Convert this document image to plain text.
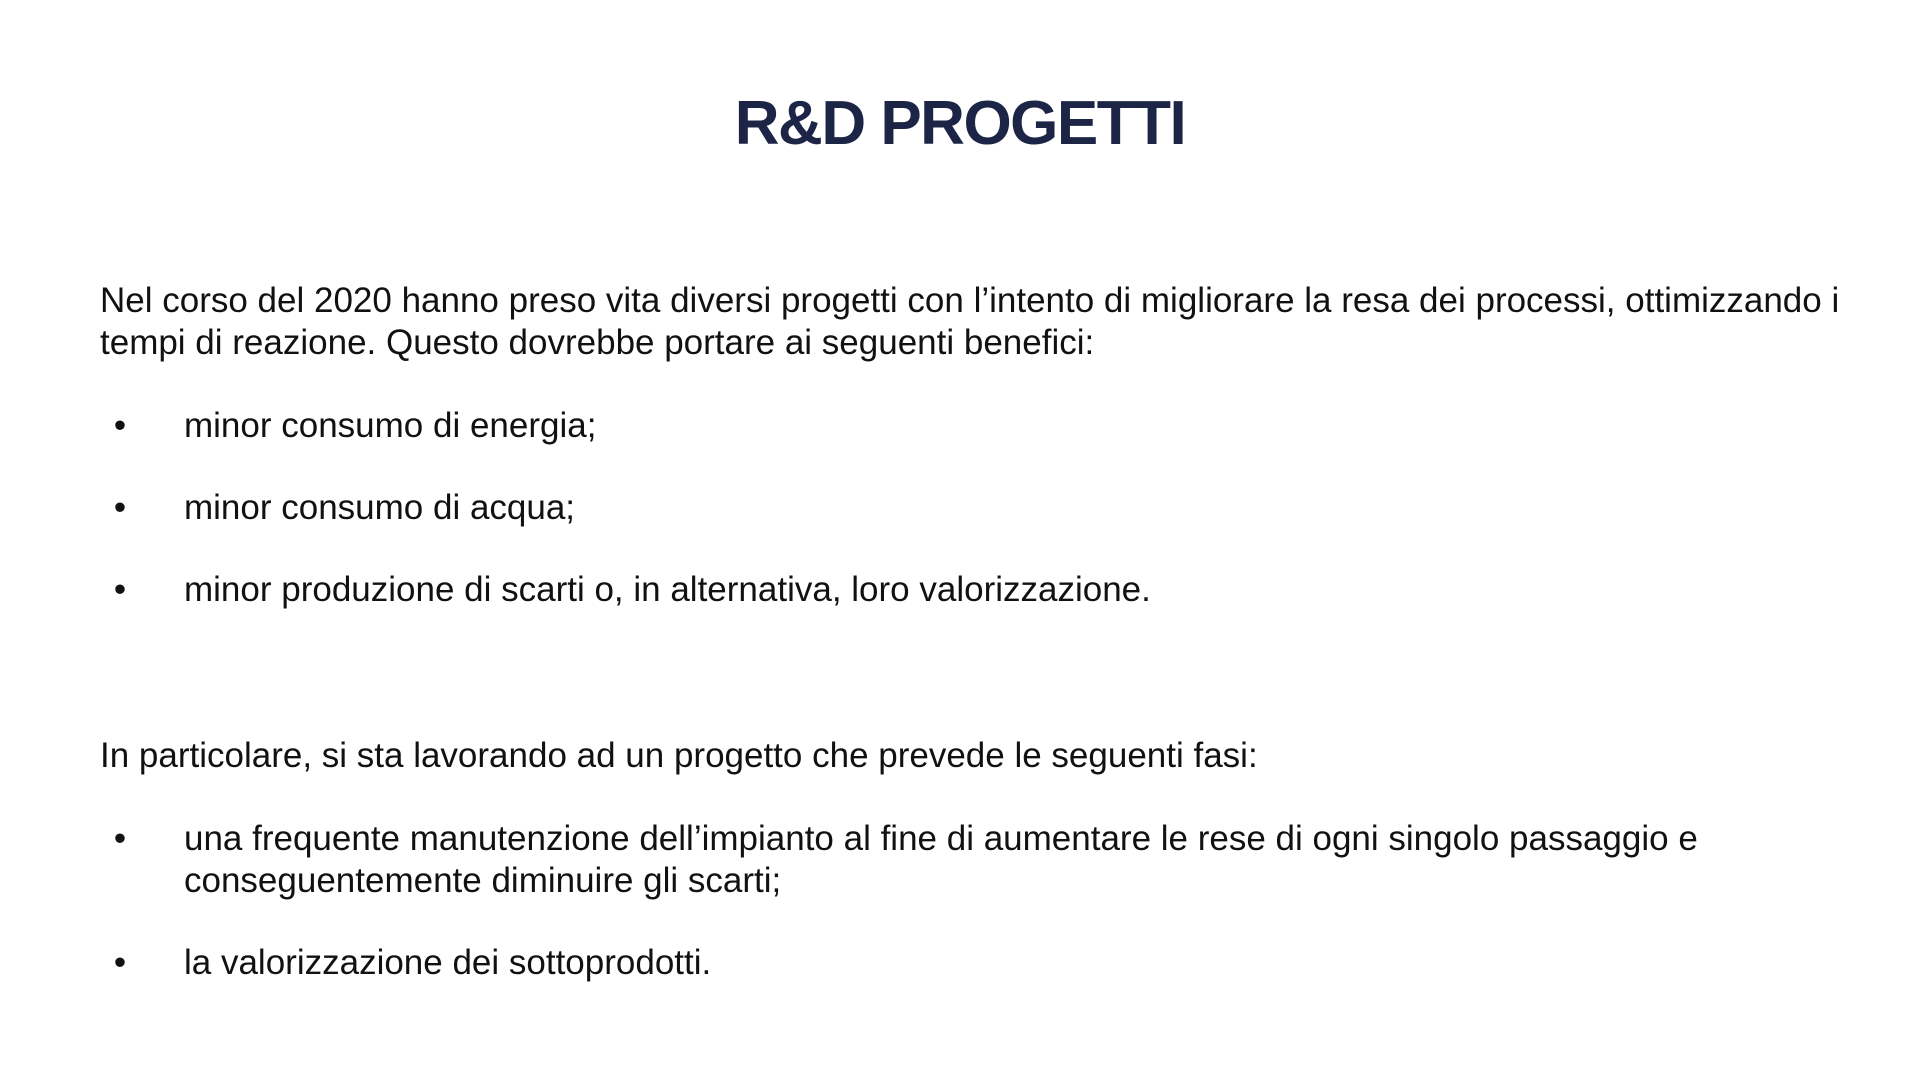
R&D PROGETTI

Nel corso del 2020 hanno preso vita diversi progetti con l’intento di migliorare la resa dei processi, ottimizzando i tempi di reazione. Questo dovrebbe portare ai seguenti benefici:

•	minor consumo di energia;
•	minor consumo di acqua;
•	minor produzione di scarti o, in alternativa, loro valorizzazione.

In particolare, si sta lavorando ad un progetto che prevede le seguenti fasi:

•	una frequente manutenzione dell’impianto al fine di aumentare le rese di ogni singolo passaggio e conseguentemente diminuire gli scarti;
•	la valorizzazione dei sottoprodotti.
